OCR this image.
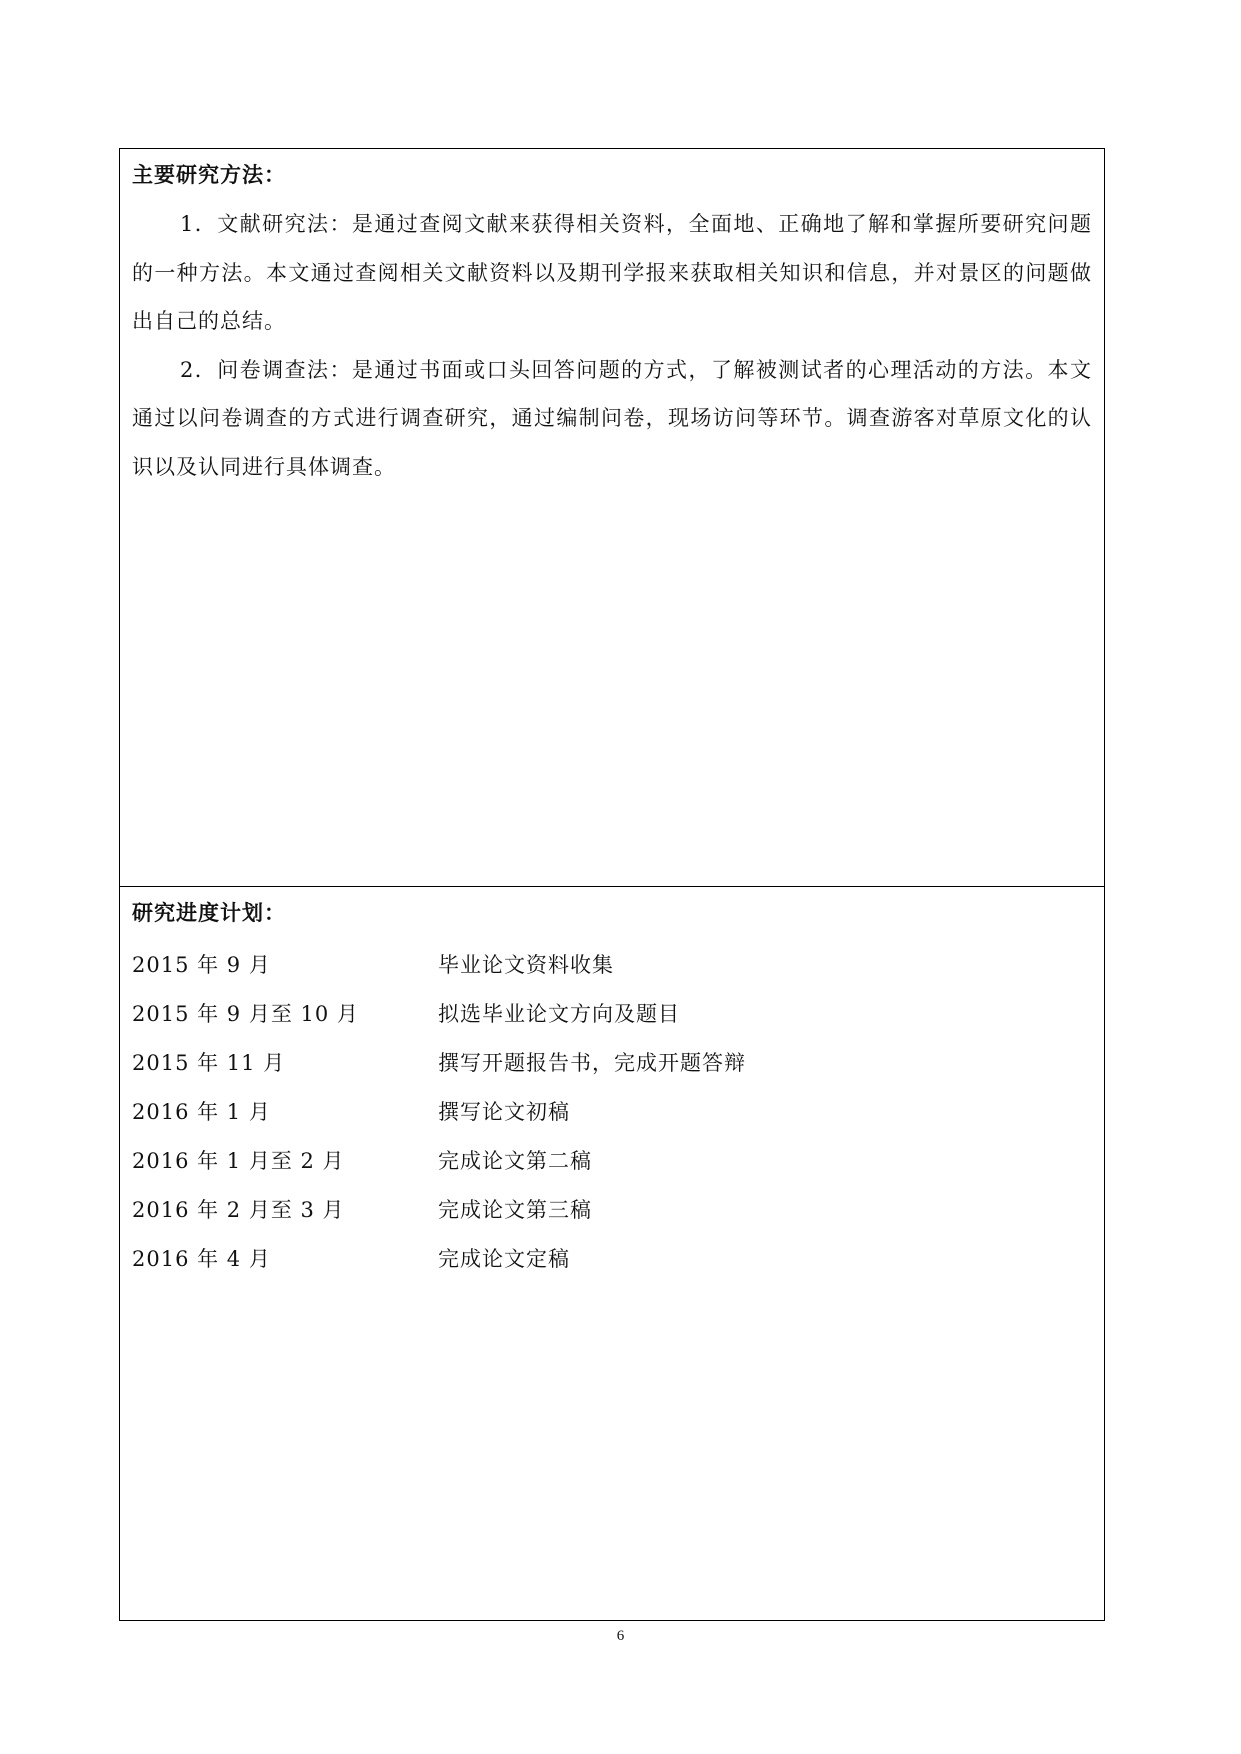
主要研究方法：

1．文献研究法：是通过查阅文献来获得相关资料，全面地、正确地了解和掌握所要研究问题的一种方法。本文通过查阅相关文献资料以及期刊学报来获取相关知识和信息，并对景区的问题做出自己的总结。

2．问卷调查法：是通过书面或口头回答问题的方式，了解被测试者的心理活动的方法。本文通过以问卷调查的方式进行调查研究，通过编制问卷，现场访问等环节。调查游客对草原文化的认识以及认同进行具体调查。

研究进度计划：
2015 年 9 月	毕业论文资料收集
2015 年 9 月至 10 月	拟选毕业论文方向及题目
2015 年 11 月	撰写开题报告书，完成开题答辩
2016 年 1 月	撰写论文初稿
2016 年 1 月至 2 月	完成论文第二稿
2016 年 2 月至 3 月	完成论文第三稿
2016 年 4 月	完成论文定稿
6
